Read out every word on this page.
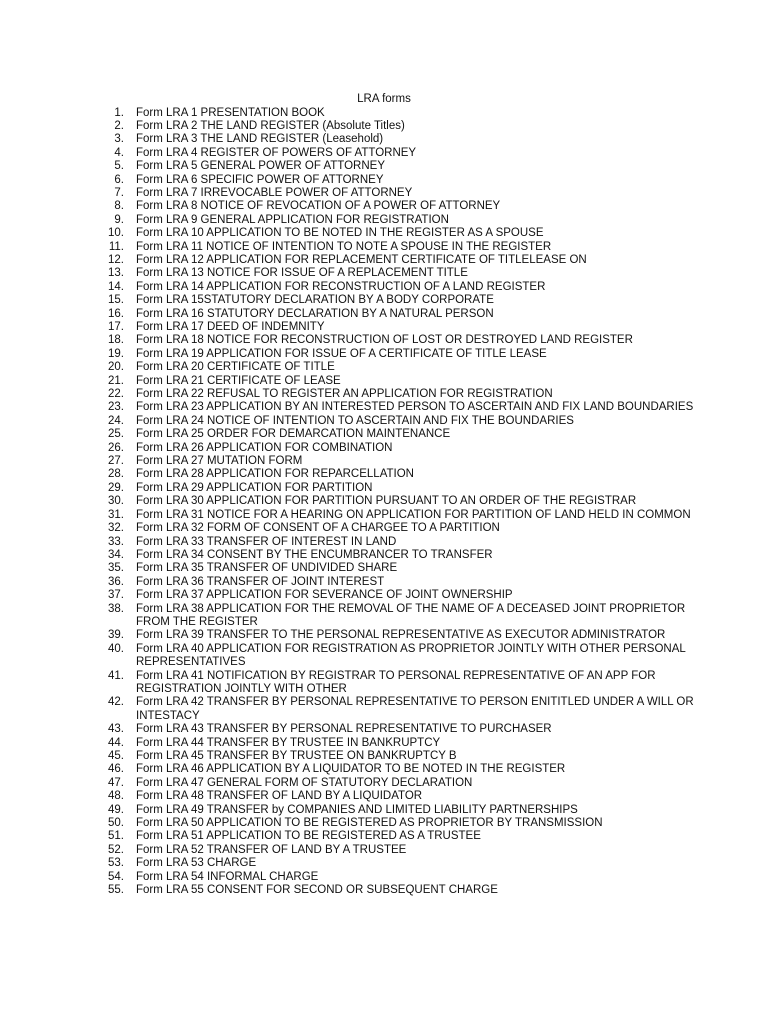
LRA forms
1. Form LRA 1 PRESENTATION BOOK
2. Form LRA 2 THE LAND REGISTER (Absolute Titles)
3. Form LRA 3 THE LAND REGISTER (Leasehold)
4. Form LRA 4 REGISTER OF POWERS OF ATTORNEY
5. Form LRA 5 GENERAL POWER OF ATTORNEY
6. Form LRA 6 SPECIFIC POWER OF ATTORNEY
7. Form LRA 7 IRREVOCABLE POWER OF ATTORNEY
8. Form LRA 8 NOTICE OF REVOCATION OF A POWER OF ATTORNEY
9. Form LRA 9 GENERAL APPLICATION FOR REGISTRATION
10. Form LRA 10 APPLICATION TO BE NOTED IN THE REGISTER AS A SPOUSE
11. Form LRA 11 NOTICE OF INTENTION TO NOTE A SPOUSE IN THE REGISTER
12. Form LRA 12 APPLICATION FOR REPLACEMENT CERTIFICATE OF TITLELEASE ON
13. Form LRA 13 NOTICE FOR ISSUE OF A REPLACEMENT TITLE
14. Form LRA 14 APPLICATION FOR RECONSTRUCTION OF A LAND REGISTER
15. Form LRA 15STATUTORY DECLARATION BY A BODY CORPORATE
16. Form LRA 16 STATUTORY DECLARATION BY A NATURAL PERSON
17. Form LRA 17 DEED OF INDEMNITY
18. Form LRA 18 NOTICE FOR RECONSTRUCTION OF LOST OR DESTROYED LAND REGISTER
19. Form LRA 19 APPLICATION FOR ISSUE OF A CERTIFICATE OF TITLE LEASE
20. Form LRA 20 CERTIFICATE OF TITLE
21. Form LRA 21 CERTIFICATE OF LEASE
22. Form LRA 22 REFUSAL TO REGISTER AN APPLICATION FOR REGISTRATION
23. Form LRA 23 APPLICATION BY AN INTERESTED PERSON TO ASCERTAIN AND FIX LAND BOUNDARIES
24. Form LRA 24 NOTICE OF INTENTION TO ASCERTAIN AND FIX THE BOUNDARIES
25. Form LRA 25 ORDER FOR DEMARCATION MAINTENANCE
26. Form LRA 26 APPLICATION FOR COMBINATION
27. Form LRA 27 MUTATION FORM
28. Form LRA 28 APPLICATION FOR REPARCELLATION
29. Form LRA 29 APPLICATION FOR PARTITION
30. Form LRA 30 APPLICATION FOR PARTITION PURSUANT TO AN ORDER OF THE REGISTRAR
31. Form LRA 31 NOTICE FOR A HEARING ON APPLICATION FOR PARTITION OF LAND HELD IN COMMON
32. Form LRA 32 FORM OF CONSENT OF A CHARGEE TO A PARTITION
33. Form LRA 33 TRANSFER OF INTEREST IN LAND
34. Form LRA 34 CONSENT BY THE ENCUMBRANCER TO TRANSFER
35. Form LRA 35 TRANSFER OF UNDIVIDED SHARE
36. Form LRA 36 TRANSFER OF JOINT INTEREST
37. Form LRA 37 APPLICATION FOR SEVERANCE OF JOINT OWNERSHIP
38. Form LRA 38 APPLICATION FOR THE REMOVAL OF THE NAME OF A DECEASED JOINT PROPRIETOR FROM THE REGISTER
39. Form LRA 39 TRANSFER TO THE PERSONAL REPRESENTATIVE AS EXECUTOR ADMINISTRATOR
40. Form LRA 40 APPLICATION FOR REGISTRATION AS PROPRIETOR JOINTLY WITH OTHER PERSONAL REPRESENTATIVES
41. Form LRA 41 NOTIFICATION BY REGISTRAR TO PERSONAL REPRESENTATIVE OF AN APP FOR REGISTRATION JOINTLY WITH OTHER
42. Form LRA 42 TRANSFER BY PERSONAL REPRESENTATIVE TO PERSON ENITITLED UNDER A WILL OR INTESTACY
43. Form LRA 43 TRANSFER BY PERSONAL REPRESENTATIVE TO PURCHASER
44. Form LRA 44 TRANSFER BY TRUSTEE IN BANKRUPTCY
45. Form LRA 45 TRANSFER BY TRUSTEE ON BANKRUPTCY B
46. Form LRA 46 APPLICATION BY A LIQUIDATOR TO BE NOTED IN THE REGISTER
47. Form LRA 47 GENERAL FORM OF STATUTORY DECLARATION
48. Form LRA 48 TRANSFER OF LAND BY A LIQUIDATOR
49. Form LRA 49 TRANSFER by COMPANIES AND LIMITED LIABILITY PARTNERSHIPS
50. Form LRA 50 APPLICATION TO BE REGISTERED AS PROPRIETOR BY TRANSMISSION
51. Form LRA 51 APPLICATION TO BE REGISTERED AS A TRUSTEE
52. Form LRA 52 TRANSFER OF LAND BY A TRUSTEE
53. Form LRA 53 CHARGE
54. Form LRA 54 INFORMAL CHARGE
55. Form LRA 55 CONSENT FOR SECOND OR SUBSEQUENT CHARGE
